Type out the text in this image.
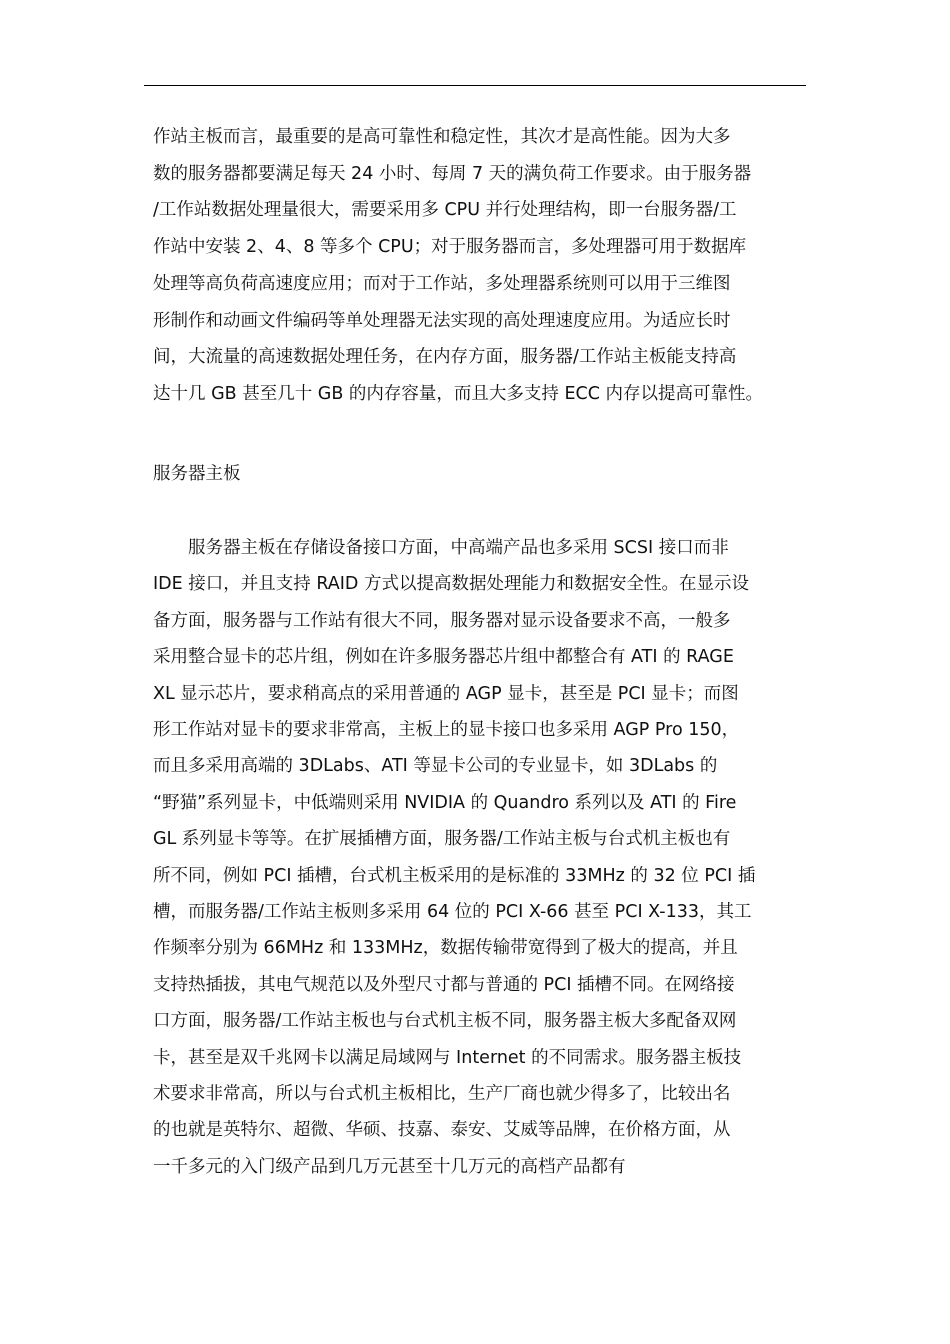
作站主板而言，最重要的是高可靠性和稳定性，其次才是高性能。因为大多
数的服务器都要满足每天 24 小时、每周 7 天的满负荷工作要求。由于服务器
/工作站数据处理量很大，需要采用多 CPU 并行处理结构，即一台服务器/工
作站中安装 2、4、8 等多个 CPU；对于服务器而言，多处理器可用于数据库
处理等高负荷高速度应用；而对于工作站，多处理器系统则可以用于三维图
形制作和动画文件编码等单处理器无法实现的高处理速度应用。为适应长时
间，大流量的高速数据处理任务，在内存方面，服务器/工作站主板能支持高
达十几 GB 甚至几十 GB 的内存容量，而且大多支持 ECC 内存以提高可靠性。
服务器主板
　　服务器主板在存储设备接口方面，中高端产品也多采用 SCSI 接口而非
IDE 接口，并且支持 RAID 方式以提高数据处理能力和数据安全性。在显示设
备方面，服务器与工作站有很大不同，服务器对显示设备要求不高，一般多
采用整合显卡的芯片组，例如在许多服务器芯片组中都整合有 ATI 的 RAGE
XL 显示芯片，要求稍高点的采用普通的 AGP 显卡，甚至是 PCI 显卡；而图
形工作站对显卡的要求非常高，主板上的显卡接口也多采用 AGP Pro 150，
而且多采用高端的 3DLabs、ATI 等显卡公司的专业显卡，如 3DLabs 的
“野猫”系列显卡，中低端则采用 NVIDIA 的 Quandro 系列以及 ATI 的 Fire
GL 系列显卡等等。在扩展插槽方面，服务器/工作站主板与台式机主板也有
所不同，例如 PCI 插槽，台式机主板采用的是标准的 33MHz 的 32 位 PCI 插
槽，而服务器/工作站主板则多采用 64 位的 PCI X-66 甚至 PCI X-133，其工
作频率分别为 66MHz 和 133MHz，数据传输带宽得到了极大的提高，并且
支持热插拔，其电气规范以及外型尺寸都与普通的 PCI 插槽不同。在网络接
口方面，服务器/工作站主板也与台式机主板不同，服务器主板大多配备双网
卡，甚至是双千兆网卡以满足局域网与 Internet 的不同需求。服务器主板技
术要求非常高，所以与台式机主板相比，生产厂商也就少得多了，比较出名
的也就是英特尔、超微、华硕、技嘉、泰安、艾威等品牌，在价格方面，从
一千多元的入门级产品到几万元甚至十几万元的高档产品都有
